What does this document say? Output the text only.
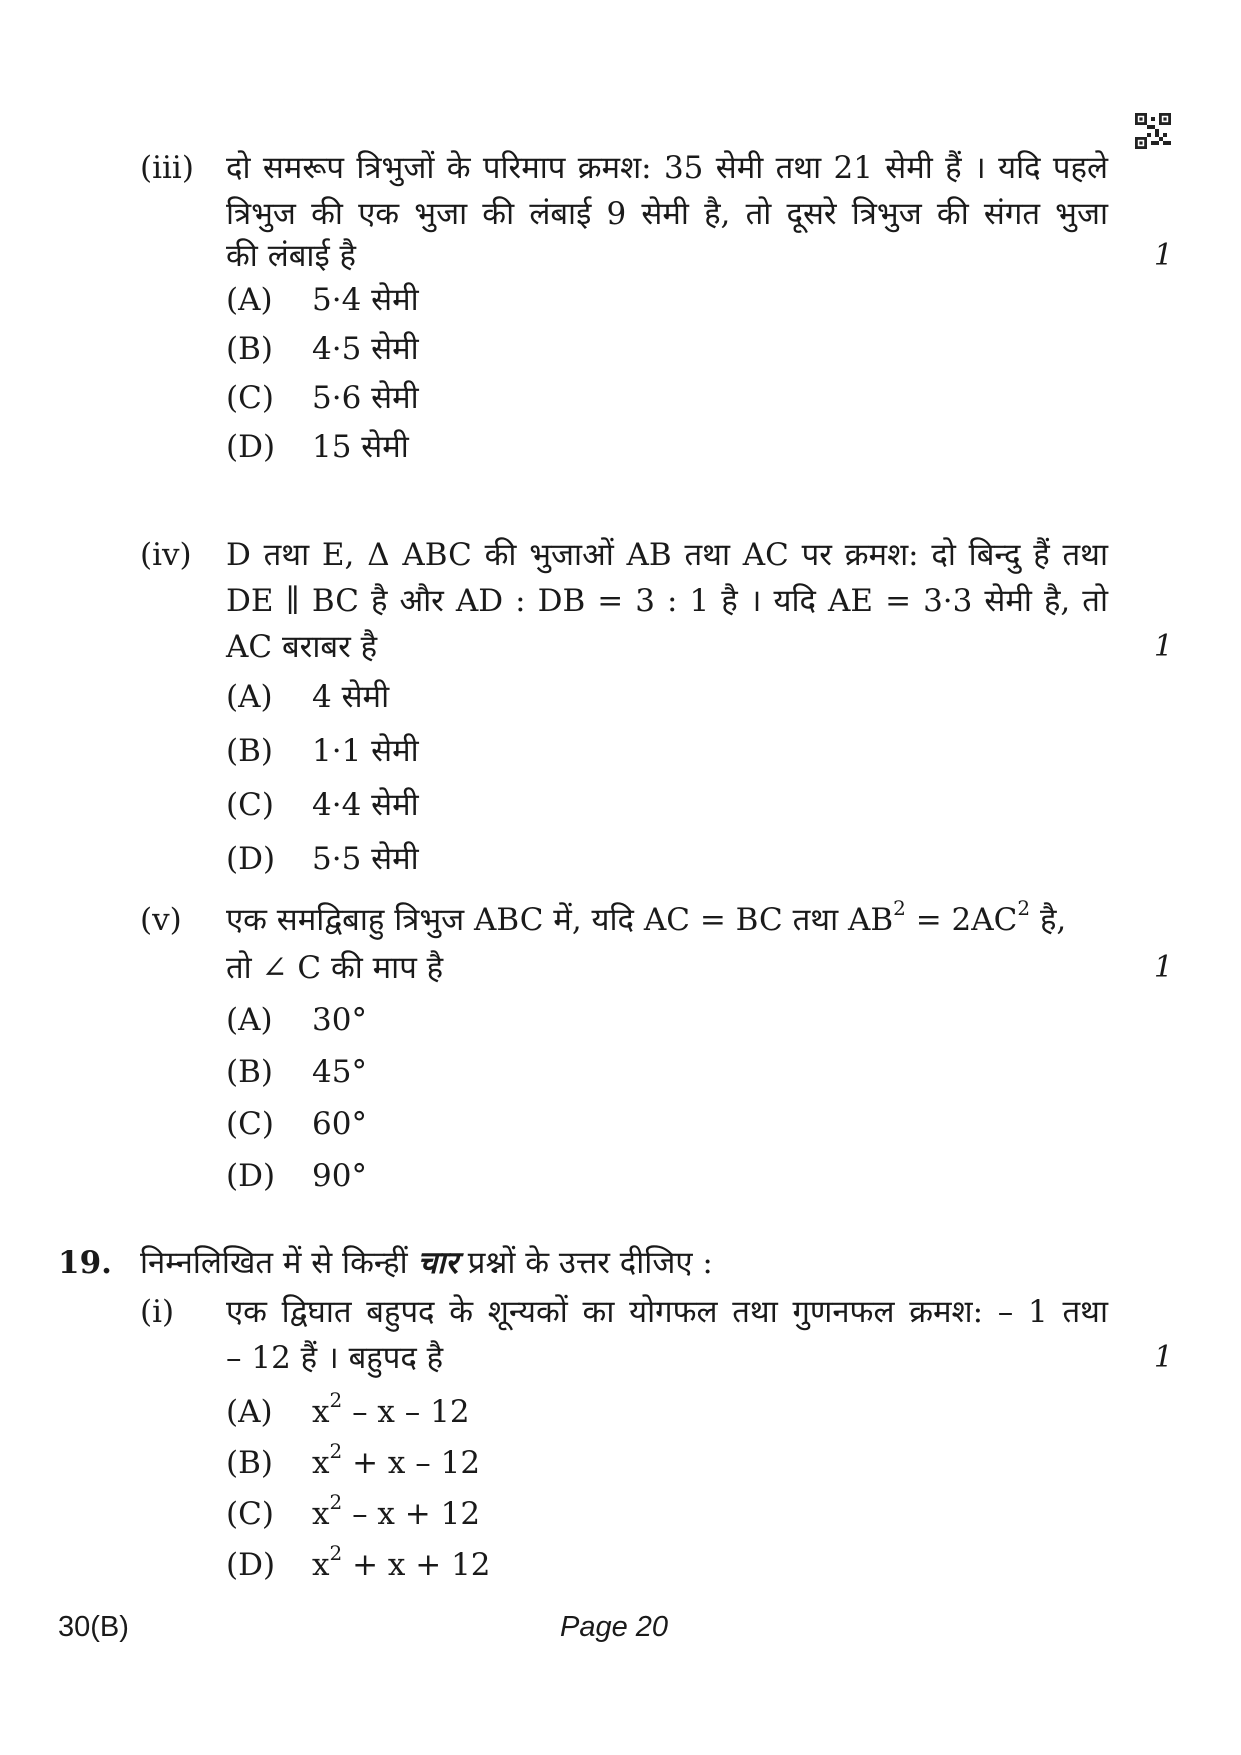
(iii) दो समरूप त्रिभुजों के परिमाप क्रमश: 35 सेमी तथा 21 सेमी हैं । यदि पहले
त्रिभुज की एक भुजा की लंबाई 9 सेमी है, तो दूसरे त्रिभुज की संगत भुजा
की लंबाई है	1
(A) 5·4 सेमी
(B) 4·5 सेमी
(C) 5·6 सेमी
(D) 15 सेमी
(iv) D तथा E, Δ ABC की भुजाओं AB तथा AC पर क्रमश: दो बिन्दु हैं तथा
DE ∥ BC है और AD : DB = 3 : 1 है । यदि AE = 3·3 सेमी है, तो
AC बराबर है	1
(A) 4 सेमी
(B) 1·1 सेमी
(C) 4·4 सेमी
(D) 5·5 सेमी
(v) एक समद्विबाहु त्रिभुज ABC में, यदि AC = BC तथा $AB^2 = 2AC^2$ है,
तो ∠ C की माप है	1
(A) 30°
(B) 45°
(C) 60°
(D) 90°
19. निम्नलिखित में से किन्हीं चार प्रश्नों के उत्तर दीजिए :
(i) एक द्विघात बहुपद के शून्यकों का योगफल तथा गुणनफल क्रमश: – 1 तथा
– 12 हैं । बहुपद है	1
(A) $x^2$ – x – 12
(B) $x^2 + x - 12$
(C) $x^2 - x + 12$
(D) $x^2 + x + 12$
30(B)	Page 20
